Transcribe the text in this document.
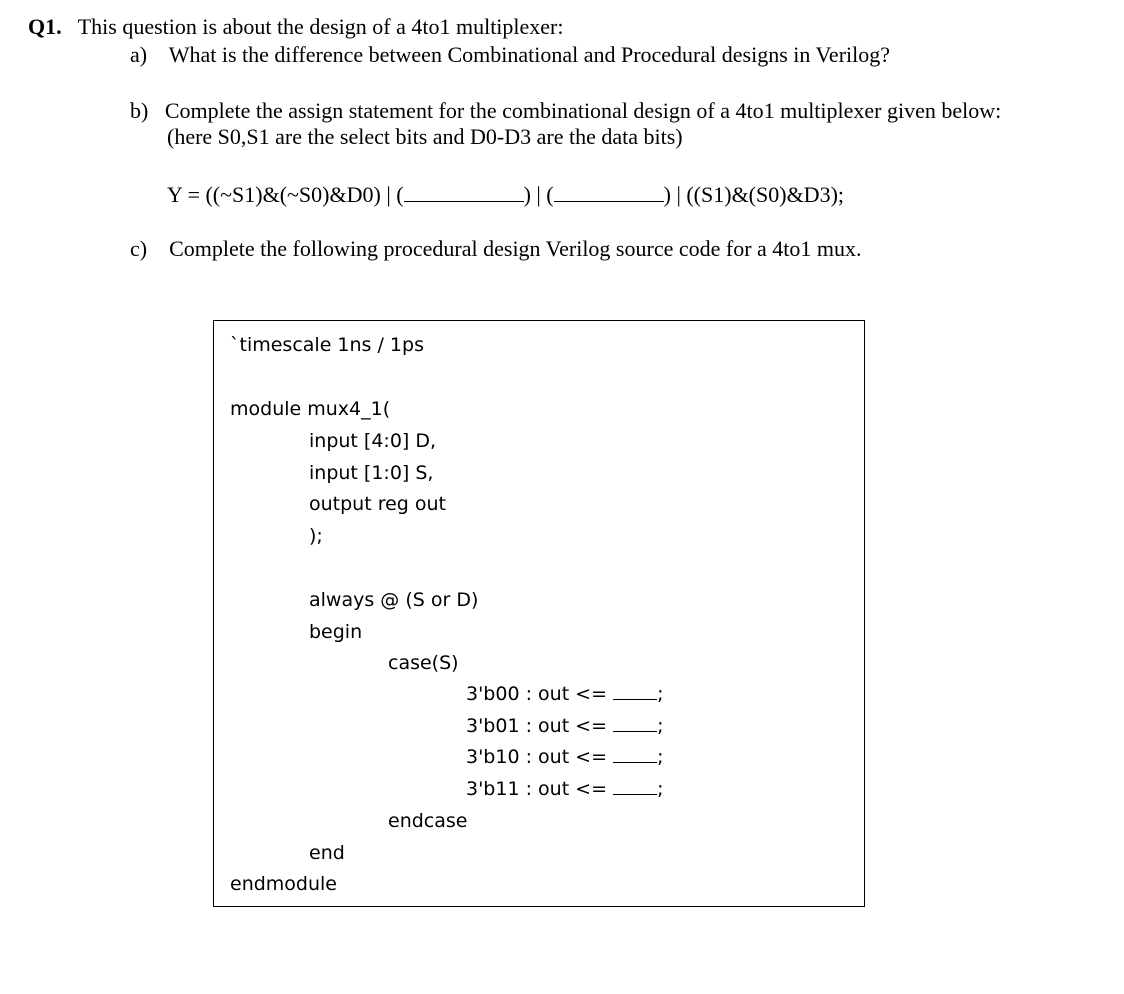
Q1. This question is about the design of a 4to1 multiplexer:
a) What is the difference between Combinational and Procedural designs in Verilog?
b) Complete the assign statement for the combinational design of a 4to1 multiplexer given below:
(here S0,S1 are the select bits and D0-D3 are the data bits)
Y = ((~S1)&(~S0)&D0) | (	) | (	) | ((S1)&(S0)&D3);
c) Complete the following procedural design Verilog source code for a 4to1 mux.
`timescale 1ns / 1ps
module mux4_1(
input [4:0] D,
input [1:0] S,
output reg out
);
always @ (S or D)
begin
case(S)
3'b00 : out <=	;
3'b01 : out <=	;
3'b10 : out <=	;
3'b11 : out <=	;
endcase
end
endmodule
